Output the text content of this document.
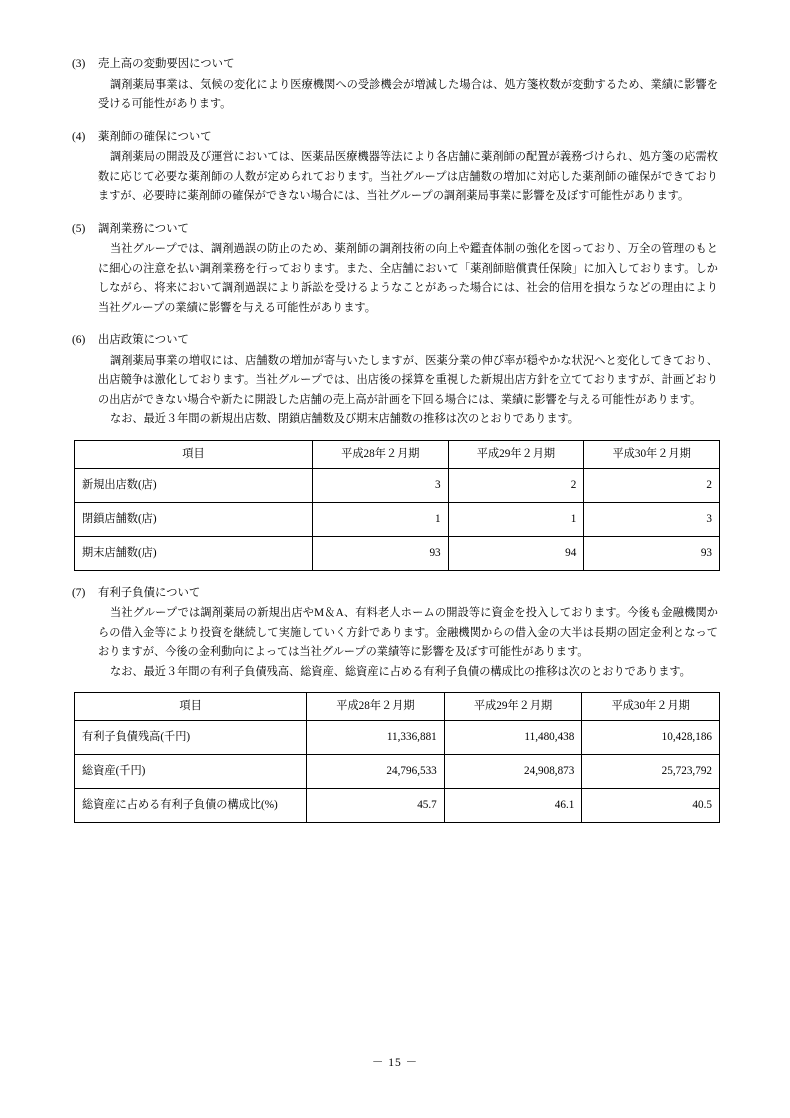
(3) 売上高の変動要因について

調剤薬局事業は、気候の変化により医療機関への受診機会が増減した場合は、処方箋枚数が変動するため、業績に影響を受ける可能性があります。

(4) 薬剤師の確保について

調剤薬局の開設及び運営においては、医薬品医療機器等法により各店舗に薬剤師の配置が義務づけられ、処方箋の応需枚数に応じて必要な薬剤師の人数が定められております。当社グループは店舗数の増加に対応した薬剤師の確保ができておりますが、必要時に薬剤師の確保ができない場合には、当社グループの調剤薬局事業に影響を及ぼす可能性があります。

(5) 調剤業務について

当社グループでは、調剤過誤の防止のため、薬剤師の調剤技術の向上や鑑査体制の強化を図っており、万全の管理のもとに細心の注意を払い調剤業務を行っております。また、全店舗において「薬剤師賠償責任保険」に加入しております。しかしながら、将来において調剤過誤により訴訟を受けるようなことがあった場合には、社会的信用を損なうなどの理由により当社グループの業績に影響を与える可能性があります。

(6) 出店政策について

調剤薬局事業の増収には、店舗数の増加が寄与いたしますが、医薬分業の伸び率が穏やかな状況へと変化してきており、出店競争は激化しております。当社グループでは、出店後の採算を重視した新規出店方針を立てておりますが、計画どおりの出店ができない場合や新たに開設した店舗の売上高が計画を下回る場合には、業績に影響を与える可能性があります。

なお、最近３年間の新規出店数、閉鎖店舗数及び期末店舗数の推移は次のとおりであります。

項目	平成28年２月期	平成29年２月期	平成30年２月期
新規出店数(店)	3	2	2
閉鎖店舗数(店)	1	1	3
期末店舗数(店)	93	94	93
(7) 有利子負債について

当社グループでは調剤薬局の新規出店やM＆A、有料老人ホームの開設等に資金を投入しております。今後も金融機関からの借入金等により投資を継続して実施していく方針であります。金融機関からの借入金の大半は長期の固定金利となっておりますが、今後の金利動向によっては当社グループの業績等に影響を及ぼす可能性があります。

なお、最近３年間の有利子負債残高、総資産、総資産に占める有利子負債の構成比の推移は次のとおりであります。

項目	平成28年２月期	平成29年２月期	平成30年２月期
有利子負債残高(千円)	11,336,881	11,480,438	10,428,186
総資産(千円)	24,796,533	24,908,873	25,723,792
総資産に占める有利子負債の構成比(%)	45.7	46.1	40.5
－ 15 －
